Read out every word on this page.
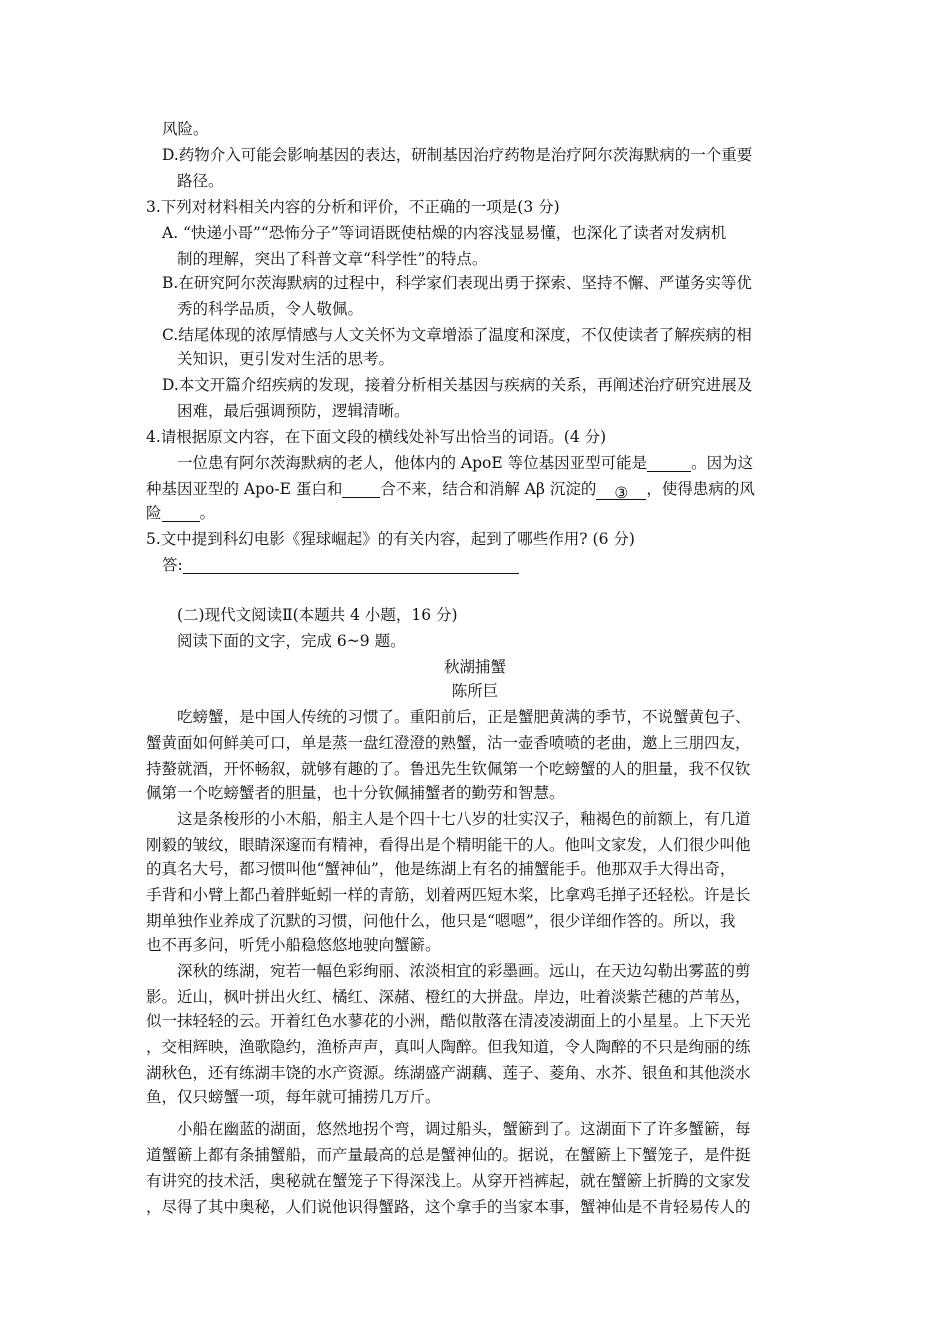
风险。
D.药物介入可能会影响基因的表达，研制基因治疗药物是治疗阿尔茨海默病的一个重要
路径。
3.下列对材料相关内容的分析和评价，不正确的一项是(3 分)
A. “快递小哥”“恐怖分子”等词语既使枯燥的内容浅显易懂，也深化了读者对发病机
制的理解，突出了科普文章“科学性”的特点。
B.在研究阿尔茨海默病的过程中，科学家们表现出勇于探索、坚持不懈、严谨务实等优
秀的科学品质，令人敬佩。
C.结尾体现的浓厚情感与人文关怀为文章增添了温度和深度，不仅使读者了解疾病的相
关知识，更引发对生活的思考。
D.本文开篇介绍疾病的发现，接着分析相关基因与疾病的关系，再阐述治疗研究进展及
困难，最后强调预防，逻辑清晰。
4.请根据原文内容，在下面文段的横线处补写出恰当的词语。(4 分)
一位患有阿尔茨海默病的老人，他体内的 ApoE 等位基因亚型可能是	。因为这
种基因亚型的 Apo-E 蛋白和 合不来，结合和消解 Aβ 沉淀的 ③ ，使得患病的风
险 。
5.文中提到科幻电影《猩球崛起》的有关内容，起到了哪些作用? (6 分)
答:
(二)现代文阅读Ⅱ(本题共 4 小题，16 分)
阅读下面的文字，完成 6~9 题。
秋湖捕蟹
陈所巨
吃螃蟹，是中国人传统的习惯了。重阳前后，正是蟹肥黄满的季节，不说蟹黄包子、
蟹黄面如何鲜美可口，单是蒸一盘红澄澄的熟蟹，沽一壶香喷喷的老曲，邀上三朋四友，
持螯就酒，开怀畅叙，就够有趣的了。鲁迅先生钦佩第一个吃螃蟹的人的胆量，我不仅钦
佩第一个吃螃蟹者的胆量，也十分钦佩捕蟹者的勤劳和智慧。
这是条梭形的小木船，船主人是个四十七八岁的壮实汉子，釉褐色的前额上，有几道
刚毅的皱纹，眼睛深邃而有精神，看得出是个精明能干的人。他叫文家发，人们很少叫他
的真名大号，都习惯叫他“蟹神仙”，他是练湖上有名的捕蟹能手。他那双手大得出奇，
手背和小臂上都凸着胖蚯蚓一样的青筋，划着两匹短木桨，比拿鸡毛掸子还轻松。许是长
期单独作业养成了沉默的习惯，问他什么，他只是“嗯嗯”，很少详细作答的。所以，我
也不再多问，听凭小船稳悠悠地驶向蟹簖。
深秋的练湖，宛若一幅色彩绚丽、浓淡相宜的彩墨画。远山，在天边勾勒出雾蓝的剪
影。近山，枫叶拼出火红、橘红、深赭、橙红的大拼盘。岸边，吐着淡紫芒穗的芦苇丛，
似一抹轻轻的云。开着红色水蓼花的小洲，酷似散落在清凌凌湖面上的小星星。上下天光
，交相辉映，渔歌隐约，渔桥声声，真叫人陶醉。但我知道，令人陶醉的不只是绚丽的练
湖秋色，还有练湖丰饶的水产资源。练湖盛产湖藕、莲子、菱角、水芥、银鱼和其他淡水
鱼，仅只螃蟹一项，每年就可捕捞几万斤。
小船在幽蓝的湖面，悠然地拐个弯，调过船头，蟹簖到了。这湖面下了许多蟹簖，每
道蟹簖上都有条捕蟹船，而产量最高的总是蟹神仙的。据说，在蟹簖上下蟹笼子，是件挺
有讲究的技术活，奥秘就在蟹笼子下得深浅上。从穿开裆裤起，就在蟹簖上折腾的文家发
，尽得了其中奥秘，人们说他识得蟹路，这个拿手的当家本事，蟹神仙是不肯轻易传人的
